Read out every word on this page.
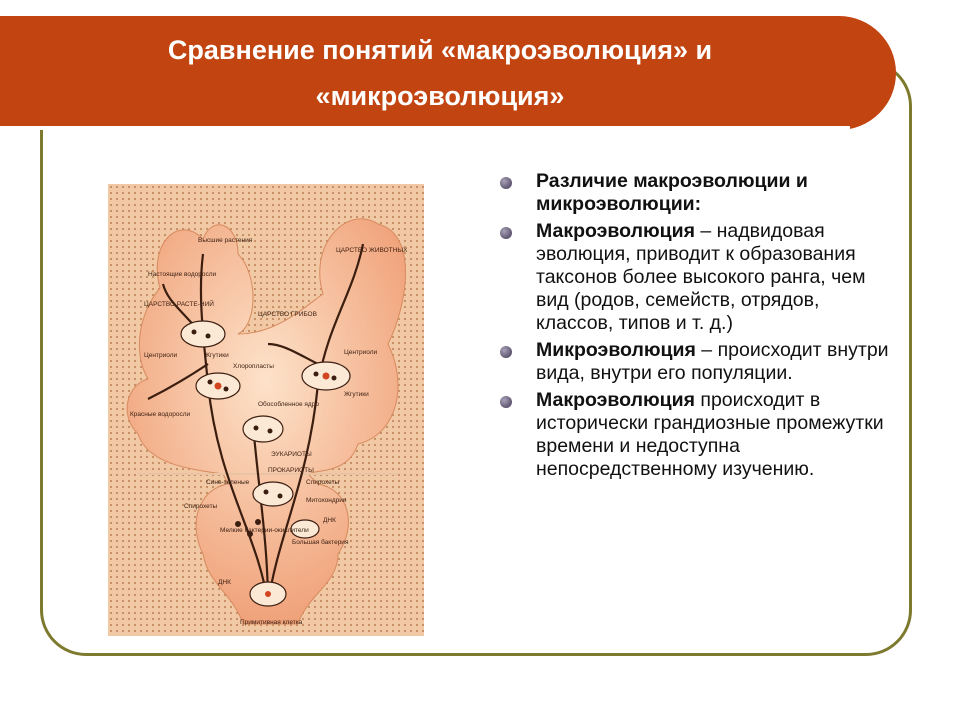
Сравнение понятий «макроэволюция» и
«микроэволюция»
ЦАРСТВО РАСТЕ-НИЙ
Высшие растения
Настоящие водоросли
Красные водоросли
ЦАРСТВО ЖИВОТНЫХ
ЦАРСТВО ГРИБОВ
Хлоропласты
Обособленное ядро
Центриоли	Жгутики	Центриоли
Жгутики
ЭУКАРИОТЫ
ПРОКАРИОТЫ
Сине-зеленые	Спирохеты
Митохондрии
Спирохеты
Мелкие бактерии-окислители
Большая бактерия
ДНК
ДНК
Примитивная клетка
Различие макроэволюции и микроэволюции:
Макроэволюция – надвидовая эволюция, приводит к образования таксонов более высокого ранга, чем вид (родов, семейств, отрядов, классов, типов и т. д.)
Микроэволюция – происходит внутри вида, внутри его популяции.
Макроэволюция происходит в исторически грандиозные промежутки времени и недоступна непосредственному изучению.
